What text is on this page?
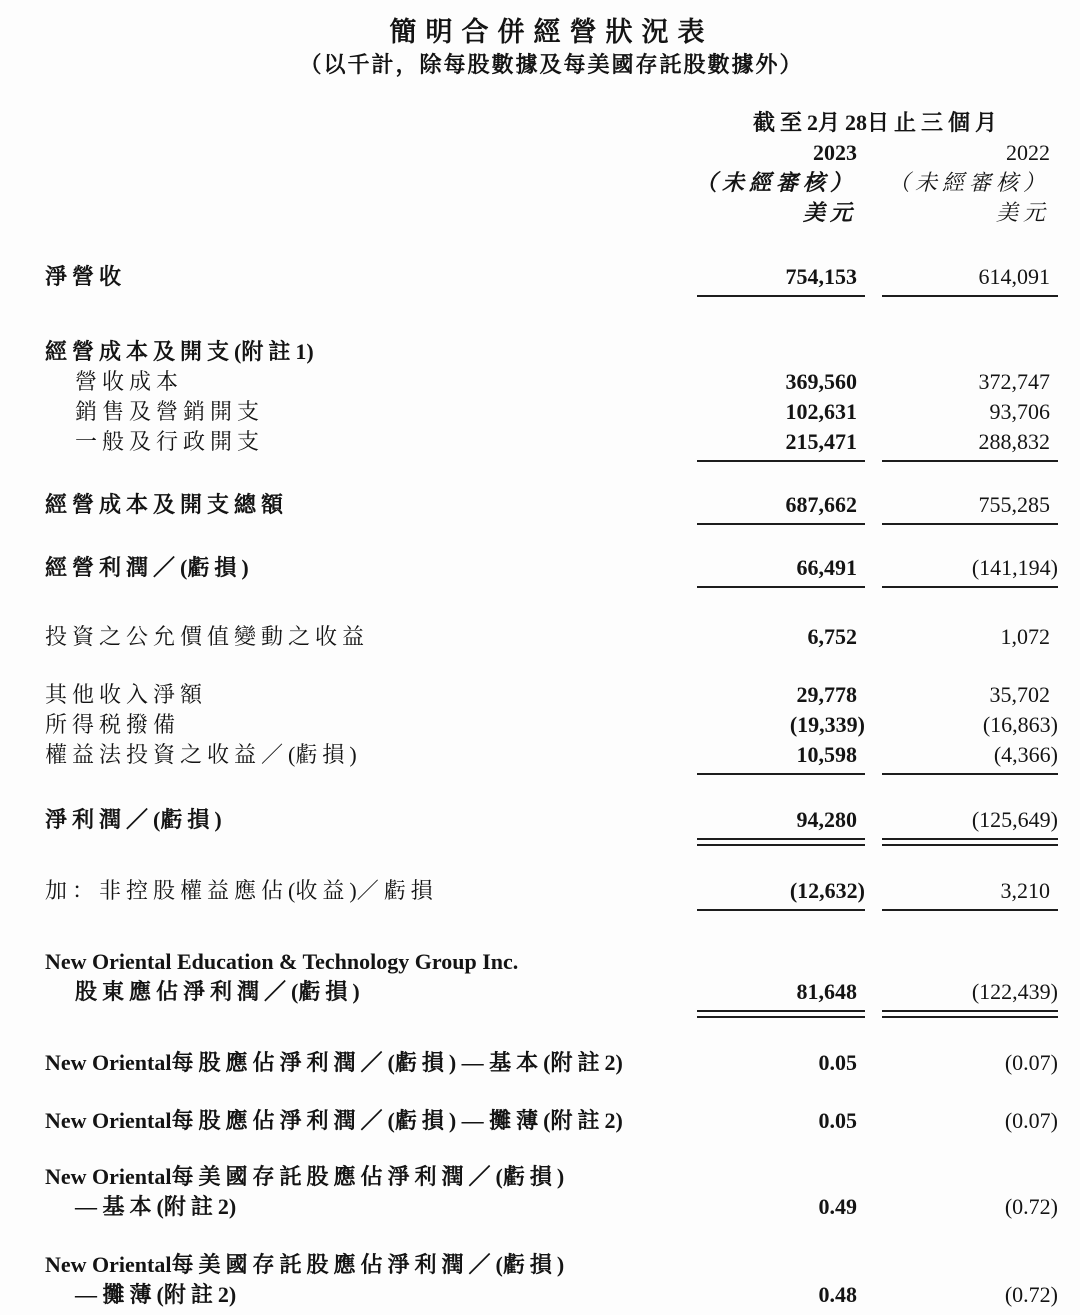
簡明合併經營狀況表
（以千計，除每股數據及每美國存託股數據外）
截至2月28日止三個月
2023	2022
（未經審核）	（未經審核）
美元	美元
淨營收	754,153	614,091
經營成本及開支(附註1)
營收成本	369,560	372,747
銷售及營銷開支	102,631	93,706
一般及行政開支	215,471	288,832
經營成本及開支總額	687,662	755,285
經營利潤／(虧損)	66,491	(141,194)
投資之公允價值變動之收益	6,752	1,072
其他收入淨額	29,778	35,702
所得税撥備	(19,339)	(16,863)
權益法投資之收益／(虧損)	10,598	(4,366)
淨利潤／(虧損)	94,280	(125,649)
加：非控股權益應佔(收益)／虧損	(12,632)	3,210
New Oriental Education & Technology Group Inc.
股東應佔淨利潤／(虧損)	81,648	(122,439)
New Oriental每股應佔淨利潤／(虧損) — 基本(附註2)	0.05	(0.07)
New Oriental每股應佔淨利潤／(虧損) — 攤薄(附註2)	0.05	(0.07)
New Oriental每美國存託股應佔淨利潤／(虧損)
— 基本(附註2)	0.49	(0.72)
New Oriental每美國存託股應佔淨利潤／(虧損)
— 攤薄(附註2)	0.48	(0.72)
